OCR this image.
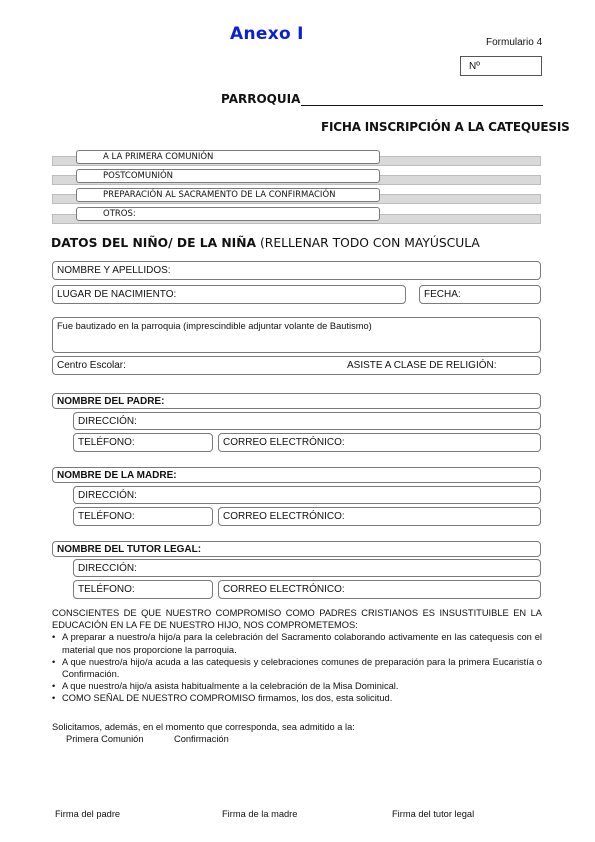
Anexo I	Formulario 4
Nº
PARROQUIA
FICHA INSCRIPCIÓN A LA CATEQUESIS
A LA PRIMERA COMUNIÓN
POSTCOMUNIÓN
PREPARACIÓN AL SACRAMENTO DE LA CONFIRMACIÓN
OTROS:
DATOS DEL NIÑO/ DE LA NIÑA (RELLENAR TODO CON MAYÚSCULA
NOMBRE Y APELLIDOS:
LUGAR DE NACIMIENTO:	FECHA:
Fue bautizado en la parroquia (imprescindible adjuntar volante de Bautismo)
Centro Escolar:	ASISTE A CLASE DE RELIGIÓN:
NOMBRE DEL PADRE:
DIRECCIÓN:
TELÉFONO:	CORREO ELECTRÓNICO:
NOMBRE DE LA MADRE:
DIRECCIÓN:
TELÉFONO:	CORREO ELECTRÓNICO:
NOMBRE DEL TUTOR LEGAL:
DIRECCIÓN:
TELÉFONO:	CORREO ELECTRÓNICO:

CONSCIENTES DE QUE NUESTRO COMPROMISO COMO PADRES CRISTIANOS ES INSUSTITUIBLE EN LA EDUCACIÓN EN LA FE DE NUESTRO HIJO, NOS COMPROMETEMOS:

• A preparar a nuestro/a hijo/a para la celebración del Sacramento colaborando activamente en las catequesis con el material que nos proporcione la parroquia.

• A que nuestro/a hijo/a acuda a las catequesis y celebraciones comunes de preparación para la primera Eucaristía o Confirmación.

• A que nuestro/a hijo/a asista habitualmente a la celebración de la Misa Dominical.

• COMO SEÑAL DE NUESTRO COMPROMISO firmamos, los dos, esta solicitud.

Solicitamos, además, en el momento que corresponda, sea admitido a la:
Primera Comunión	Confirmación
Firma del padre	Firma de la madre	Firma del tutor legal
